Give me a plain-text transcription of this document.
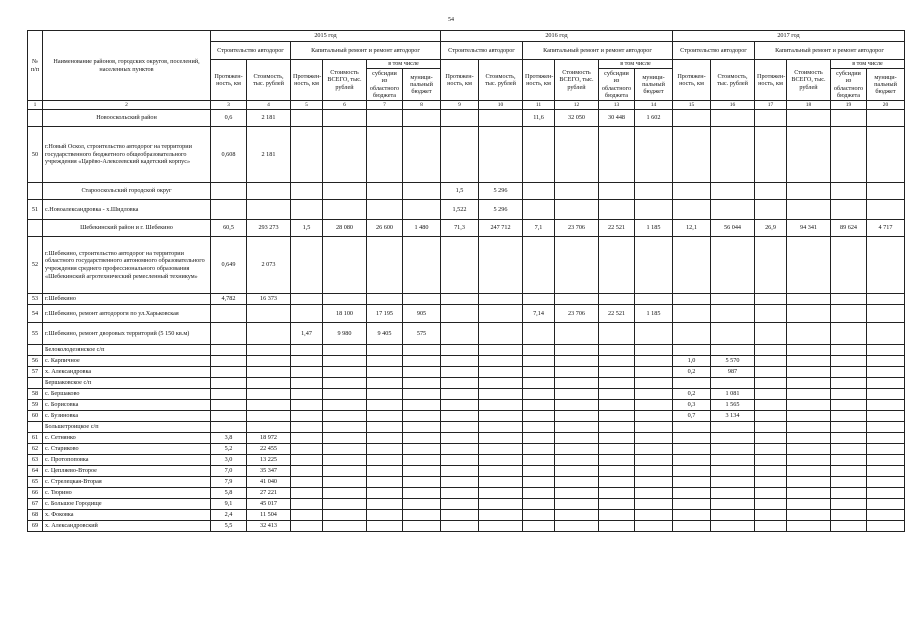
54
№ п/п	Наименование районов, городских округов, поселений, населенных пунктов	2015 год						2016 год						2017 год					
		Строительство автодорог		Капитальный ремонт и ремонт автодорог				Строительство автодорог		Капитальный ремонт и ремонт автодорог				Строительство автодорог		Капитальный ремонт и ремонт автодорог			
		Протяжен-ность, км	Стоимость, тыс. рублей	Протяжен-ность, км	Стоимость ВСЕГО, тыс. рублей	в том числе		Протяжен-ность, км	Стоимость, тыс. рублей	Протяжен-ность, км	Стоимость ВСЕГО, тыс. рублей	в том числе		Протяжен-ность, км	Стоимость, тыс. рублей	Протяжен-ность, км	Стоимость ВСЕГО, тыс. рублей	в том числе	
						субсидии из областного бюджета	муници-пальный бюджет					субсидии из областного бюджета	муници-пальный бюджет					субсидии из областного бюджета	муници-пальный бюджет
1	2	3	4	5	6	7	8	9	10	11	12	13	14	15	16	17	18	19	20
	Новооскольский район	0,6	2 181							11,6	32 050	30 448	1 602						
50	г.Новый Оскол, строительство автодорог на территории государственного бюджетного общеобразовательного учреждения «Царёво-Алексеевский кадетский корпус»	0,608	2 181																
	Старооскольский городской округ							1,5	5 296										
51	с.Новоалександровка - х.Шидловка							1,522	5 296										
	Шебекинский район и г. Шебекино	60,5	293 273	1,5	28 080	26 600	1 480	71,3	247 712	7,1	23 706	22 521	1 185	12,1	56 044	26,9	94 341	89 624	4 717
52	г.Шебекино, строительство автодорог на территории областного государственного автономного образовательного учреждения среднего профессионального образования «Шебекинский агротехнический ремесленный техникум»	0,649	2 073																
53	г.Шебекино	4,782	16 373																
54	г.Шебекино, ремонт автодороги по ул.Харьковская				18 100	17 195	905			7,14	23 706	22 521	1 185						
55	г.Шебекино, ремонт дворовых территорий (5 150 кв.м)			1,47	9 980	9 405	575												
	Белоколодезянское с/п																		
56	с. Карпичное													1,0	5 570				
57	х. Александровка													0,2	987				
	Бершаковское с/п																		
58	с. Бершаково													0,2	1 081				
59	с. Борисовка													0,3	1 565				
60	с. Бузиновка													0,7	3 134				
	Большетроицкое с/п																		
61	с. Сетнянко	3,8	18 972																
62	с. Стариково	5,2	22 455																
63	с. Протопоповка	3,0	13 225																
64	с. Цепляево-Второе	7,0	35 347																
65	с. Стрелецкая-Вторая	7,9	41 040																
66	с. Тюрино	5,8	27 221																
67	с. Большое Городище	9,1	45 017																
68	х. Фоковка	2,4	11 504																
69	х. Александровский	5,5	32 413																
